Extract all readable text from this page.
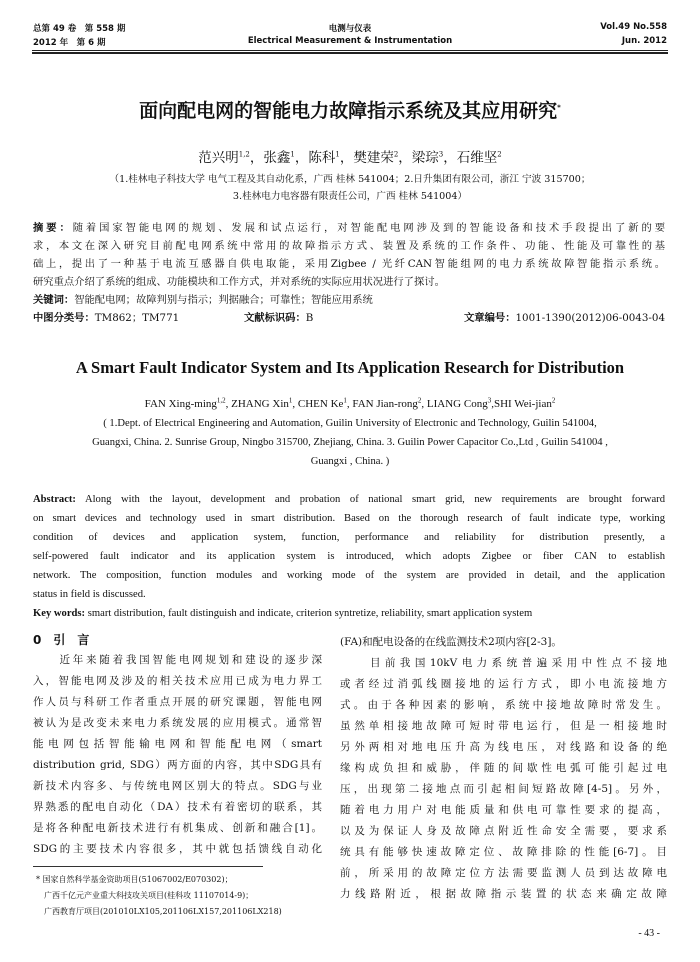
总第 49 卷　第 558 期
2012 年　第 6 期
电测与仪表
Electrical Measurement & Instrumentation
Vol.49 No.558
Jun. 2012
面向配电网的智能电力故障指示系统及其应用研究*
范兴明$^{1,2}$，张鑫$^1$，陈科$^1$，樊建荣$^2$，梁琮$^3$，石维坚$^2$
（1.桂林电子科技大学 电气工程及其自动化系，广西 桂林 541004；2.日升集团有限公司，浙江 宁波 315700；
3.桂林电力电容器有限责任公司，广西 桂林 541004）
摘要：随着国家智能电网的规划、发展和试点运行，对智能配电网涉及到的智能设备和技术手段提出了新的要
求，本文在深入研究目前配电网系统中常用的故障指示方式、装置及系统的工作条件、功能、性能及可靠性的基
础上，提出了一种基于电流互感器自供电取能，采用Zigbee / 光纤CAN智能组网的电力系统故障智能指示系统。
研究重点介绍了系统的组成、功能模块和工作方式，并对系统的实际应用状况进行了探讨。
关键词：智能配电网；故障判别与指示；判据融合；可靠性；智能应用系统
中图分类号：TM862；TM771	文献标识码：B	文章编号：1001-1390(2012)06-0043-04
A Smart Fault Indicator System and Its Application Research for Distribution
FAN Xing-ming$^{1,2}$, ZHANG Xin$^1$, CHEN Ke$^1$, FAN Jian-rong$^2$, LIANG Cong$^3$,SHI Wei-jian$^2$
( 1.Dept. of Electrical Engineering and Automation, Guilin University of Electronic and Technology, Guilin 541004,
Guangxi, China. 2. Sunrise Group, Ningbo 315700, Zhejiang, China. 3. Guilin Power Capacitor Co.,Ltd , Guilin 541004 ,
Guangxi , China. )
Abstract: Along with the layout, development and probation of national smart grid, new requirements are brought forward
on smart devices and technology used in smart distribution. Based on the thorough research of fault indicate type, working
condition of devices and application system, function, performance and reliability for distribution presently, a
self-powered fault indicator and its application system is introduced, which adopts Zigbee or fiber CAN to establish
network. The composition, function modules and working mode of the system are provided in detail, and the application
status in field is discussed.
Key words: smart distribution, fault distinguish and indicate, criterion syntretize, reliability, smart application system
0　引　言
　　近年来随着我国智能电网规划和建设的逐步深
入，智能电网及涉及的相关技术应用已成为电力界工
作人员与科研工作者重点开展的研究课题，智能电网
被认为是改变未来电力系统发展的应用模式。通常智
能电网包括智能输电网和智能配电网（smart
distribution grid, SDG）两方面的内容，其中SDG具有
新技术内容多、与传统电网区别大的特点。SDG与业
界熟悉的配电自动化（DA）技术有着密切的联系，其
是将各种配电新技术进行有机集成、创新和融合[1]。
SDG的主要技术内容很多，其中就包括馈线自动化
* 国家自然科学基金资助项目(51067002/E070302)；
广西千亿元产业重大科技攻关项目(桂科攻 11107014-9)；
广西教育厅项目(201010LX105,201106LX157,201106LX218)
(FA)和配电设备的在线监测技术2项内容[2-3]。
　　目前我国10kV电力系统普遍采用中性点不接地
或者经过消弧线圈接地的运行方式，即小电流接地方
式。由于各种因素的影响，系统中接地故障时常发生。
虽然单相接地故障可短时带电运行，但是一相接地时
另外两相对地电压升高为线电压，对线路和设备的绝
缘构成负担和威胁，伴随的间歇性电弧可能引起过电
压，出现第二接地点而引起相间短路故障[4-5]。另外，
随着电力用户对电能质量和供电可靠性要求的提高，
以及为保证人身及故障点附近性命安全需要，要求系
统具有能够快速故障定位、故障排除的性能[6-7]。目
前，所采用的故障定位方法需要监测人员到达故障电
力线路附近，根据故障指示装置的状态来确定故障
- 43 -
